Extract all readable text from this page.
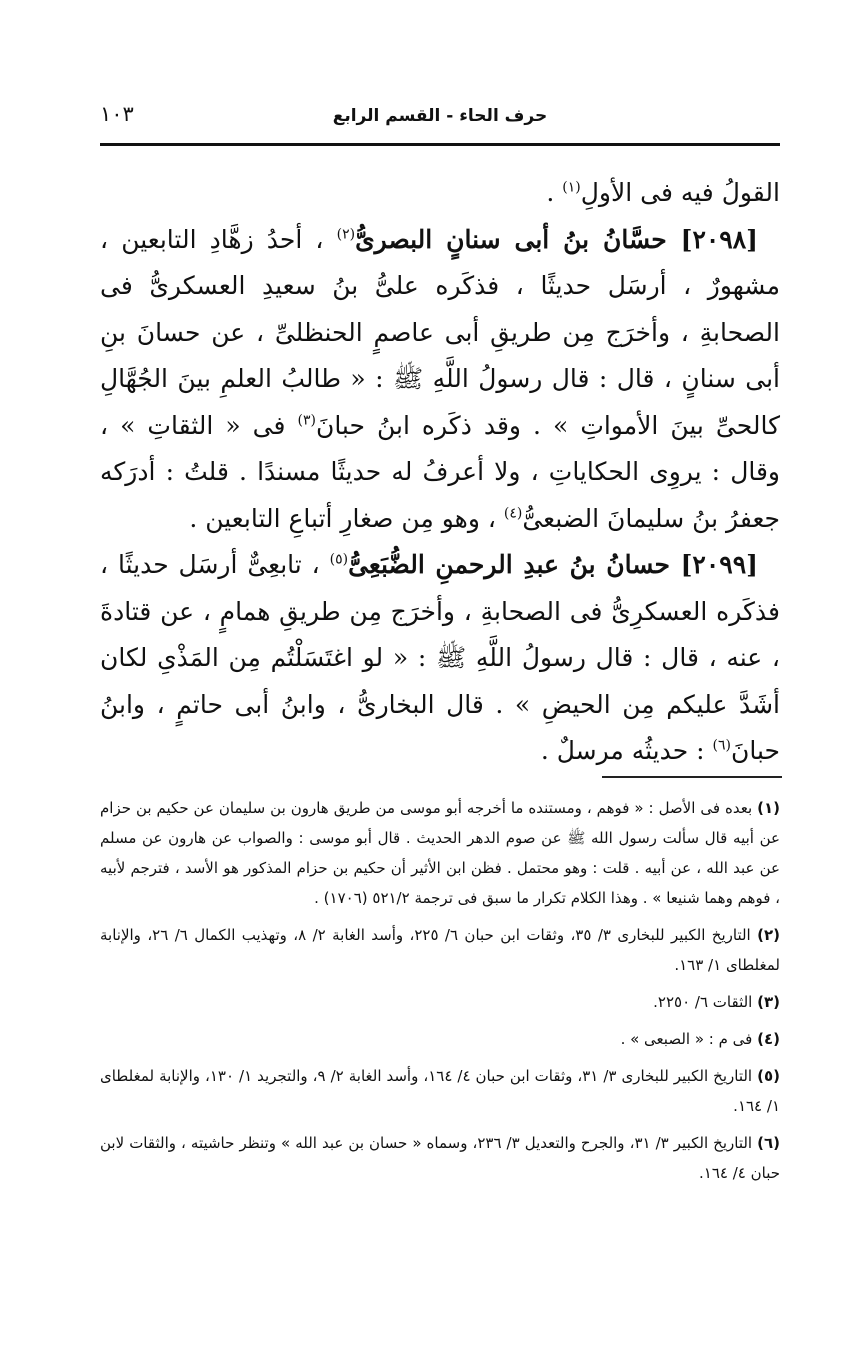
حرف الحاء - القسم الرابع
١٠٣

القولُ فيه فى الأولِ$^{(١)}$ .

[٢٠٩٨] حسَّانُ بنُ أبى سنانٍ البصرىُّ$^{(٢)}$ ، أحدُ زهَّادِ التابعين ، مشهورٌ ، أرسَل حديثًا ، فذكَره علىُّ بنُ سعيدِ العسكرىُّ فى الصحابةِ ، وأخرَج مِن طريقِ أبى عاصمٍ الحنظلىِّ ، عن حسانَ بنِ أبى سنانٍ ، قال : قال رسولُ اللَّهِ ﷺ : « طالبُ العلمِ بينَ الجُهَّالِ كالحىِّ بينَ الأمواتِ » . وقد ذكَره ابنُ حبانَ$^{(٣)}$ فى « الثقاتِ » ، وقال : يروِى الحكاياتِ ، ولا أعرفُ له حديثًا مسندًا . قلتُ : أدرَكه جعفرُ بنُ سليمانَ الضبعىُّ$^{(٤)}$ ، وهو مِن صغارِ أتباعِ التابعين .

[٢٠٩٩] حسانُ بنُ عبدِ الرحمنِ الضُّبَعِىُّ$^{(٥)}$ ، تابعِىٌّ أرسَل حديثًا ، فذكَره العسكرِىُّ فى الصحابةِ ، وأخرَج مِن طريقِ همامٍ ، عن قتادةَ ، عنه ، قال : قال رسولُ اللَّهِ ﷺ : « لو اغتَسَلْتُم مِن المَذْىِ لكان أشَدَّ عليكم مِن الحيضِ » . قال البخارىُّ ، وابنُ أبى حاتمٍ ، وابنُ حبانَ$^{(٦)}$ : حديثُه مرسلٌ .

(١) بعده فى الأصل : « فوهم ، ومستنده ما أخرجه أبو موسى من طريق هارون بن سليمان عن حكيم بن حزام عن أبيه قال سألت رسول الله ﷺ عن صوم الدهر الحديث . قال أبو موسى : والصواب عن هارون عن مسلم عن عبد الله ، عن أبيه . قلت : وهو محتمل . فظن ابن الأثير أن حكيم بن حزام المذكور هو الأسد ، فترجم لأبيه ، فوهم وهما شنيعا » . وهذا الكلام تكرار ما سبق فى ترجمة ٥٢١/٢ (١٧٠٦) .

(٢) التاريخ الكبير للبخارى ٣/ ٣٥، وثقات ابن حبان ٦/ ٢٢٥، وأسد الغابة ٢/ ٨، وتهذيب الكمال ٦/ ٢٦، والإنابة لمغلطاى ١/ ١٦٣.

(٣) الثقات ٦/ ٢٢٥٠.

(٤) فى م : « الصبعى » .

(٥) التاريخ الكبير للبخارى ٣/ ٣١، وثقات ابن حبان ٤/ ١٦٤، وأسد الغابة ٢/ ٩، والتجريد ١/ ١٣٠، والإنابة لمغلطاى ١/ ١٦٤.

(٦) التاريخ الكبير ٣/ ٣١، والجرح والتعديل ٣/ ٢٣٦، وسماه « حسان بن عبد الله » وتنظر حاشيته ، والثقات لابن حبان ٤/ ١٦٤.
